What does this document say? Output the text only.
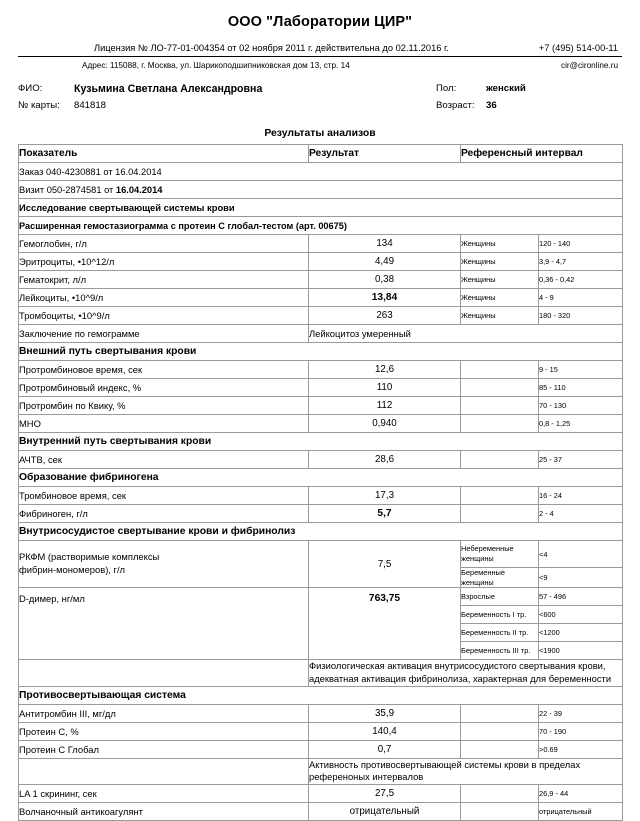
ООО "Лаборатории ЦИР"
Лицензия № ЛО-77-01-004354 от 02 ноября 2011 г. действительна до 02.11.2016 г.	+7 (495) 514-00-11
Адрес: 115088, г. Москва, ул. Шарикоподшипниковская дом 13, стр. 14	cir@cironline.ru
ФИО:	Кузьмина Светлана Александровна	Пол:	женский
№ карты: 841818	Возраст: 36
Результаты анализов
Показатель	Результат	Референсный интервал	
Заказ 040-4230881 от 16.04.2014			
Визит 050-2874581 от 16.04.2014			
Исследование свертывающей системы крови			
Расширенная гемостазиограмма с протеин С глобал-тестом (арт. 00675)			
Гемоглобин, г/л	134	Женщины	120 - 140
Эритроциты, •10^12/л	4,49	Женщины	3,9 - 4,7
Гематокрит, л/л	0,38	Женщины	0,36 - 0,42
Лейкоциты, •10^9/л	13,84	Женщины	4 - 9
Тромбоциты, •10^9/л	263	Женщины	180 - 320
Заключение по гемограмме	Лейкоцитоз умеренный		
Внешний путь свертывания крови			
Протромбиновое время, сек	12,6		9 - 15
Протромбиновый индекс, %	110		85 - 110
Протромбин по Квику, %	112		70 - 130
МНО	0,940		0,8 - 1,25
Внутренний путь свертывания крови			
АЧТВ, сек	28,6		25 - 37
Образование фибриногена			
Тромбиновое время, сек	17,3		16 - 24
Фибриноген, г/л	5,7		2 - 4
Внутрисосудистое свертывание крови и фибринолиз			

РКФМ (растворимые комплексы
фибрин-мономеров), г/л	7,5	Небеременные женщины	<4
		Беременные женщины	<9
D-димер, нг/мл	763,75	Взрослые	57 - 496
		Беременность I тр.	<600
		Беременность II тр.	<1200
		Беременность III тр.	<1900
	Физиологическая активация внутрисосудистого свертывания крови, адекватная активация фибринолиза, характерная для беременности		
Противосвертывающая система			
Антитромбин III, мг/дл	35,9		22 - 39
Протеин С, %	140,4		70 - 190
Протеин С Глобал	0,7		>0.69
	Активность противосвертывающей системы крови в пределах референоных интервалов		
LA 1 скрининг, сек	27,5		26,9 - 44
Волчаночный антикоагулянт	отрицательный		отрицательный
